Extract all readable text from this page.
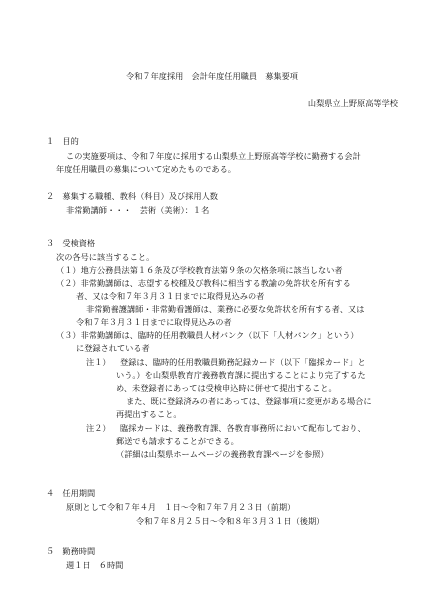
令和７年度採用　会計年度任用職員　募集要項
山梨県立上野原高等学校
１　目的
この実施要項は、令和７年度に採用する山梨県立上野原高等学校に勤務する会計
年度任用職員の募集について定めたものである。
２　募集する職種、教科（科目）及び採用人数
非常勤講師・・・　芸術（美術）：１名
３　受検資格
次の各号に該当すること。
（１）地方公務員法第１６条及び学校教育法第９条の欠格条項に該当しない者
（２）非常勤講師は、志望する校種及び教科に相当する教諭の免許状を所有する
者、又は令和７年３月３１日までに取得見込みの者
非常勤養護講師・非常勤看護師は、業務に必要な免許状を所有する者、又は
令和７年３月３１日までに取得見込みの者
（３）非常勤講師は、臨時的任用教職員人材バンク（以下「人材バンク」という）
に登録されている者
注１） 登録は、臨時的任用教職員勤務記録カード（以下「臨採カード」と
いう。）を山梨県教育庁義務教育課に提出することにより完了するた
め、未登録者にあっては受検申込時に併せて提出すること。
また、既に登録済みの者にあっては、登録事項に変更がある場合に
再提出すること。
注２） 臨採カードは、義務教育課、各教育事務所において配布しており、
郵送でも請求することができる。
（詳細は山梨県ホームページの義務教育課ページを参照）
４　任用期間
原則として令和７年４月　１日～令和７年７月２３日（前期）
令和７年８月２５日～令和８年３月３１日（後期）
５　勤務時間
週１日　６時間
